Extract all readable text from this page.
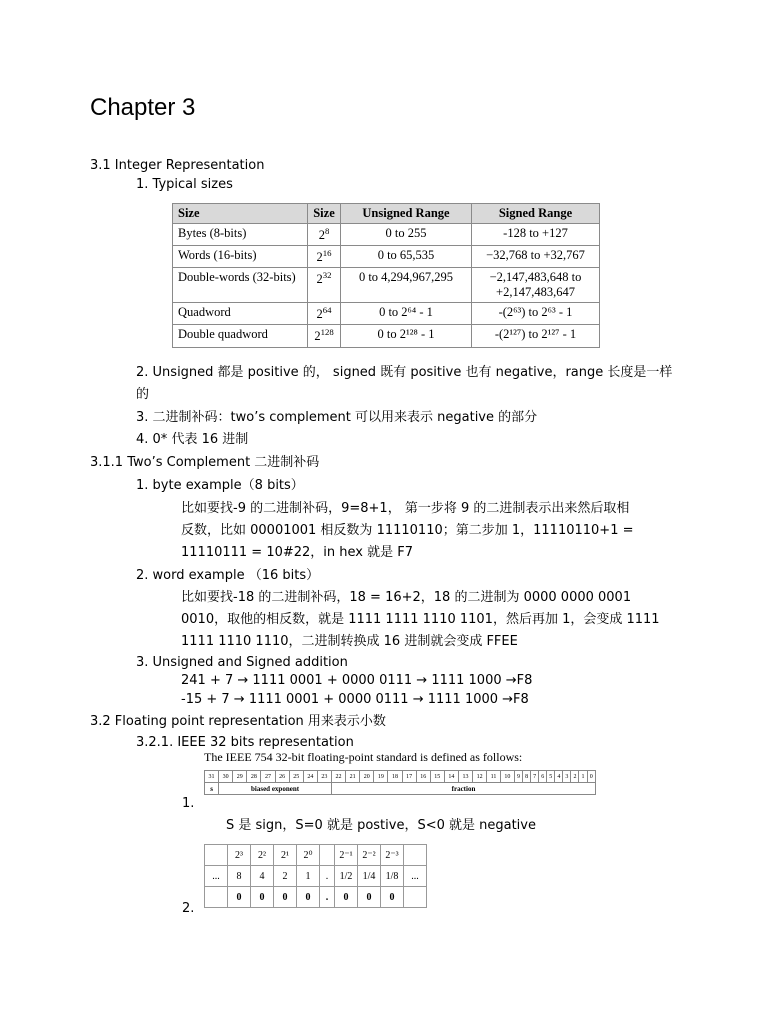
Chapter 3
3.1 Integer Representation
1. Typical sizes
Size	Size	Unsigned Range	Signed Range
Bytes (8-bits)	$2^8$	0 to 255	-128 to +127
Words (16-bits)	$2^{16}$	0 to 65,535	−32,768 to +32,767
Double-words (32-bits)	$2^{32}$	0 to 4,294,967,295	−2,147,483,648 to
+2,147,483,647

Quadword	$2^{64}$	0 to 2⁶⁴ - 1	-(2⁶³) to 2⁶³ - 1
Double quadword	$2^{128}$	0 to 2¹²⁸ - 1	-(2¹²⁷) to 2¹²⁷ - 1
2. Unsigned 都是 positive 的， signed 既有 positive 也有 negative，range 长度是一样
的
3. 二进制补码：two’s complement 可以用来表示 negative 的部分
4. 0* 代表 16 进制
3.1.1 Two’s Complement 二进制补码
1. byte example（8 bits）
比如要找-9 的二进制补码，9=8+1， 第一步将 9 的二进制表示出来然后取相
反数，比如 00001001 相反数为 11110110；第二步加 1，11110110+1 =
11110111 = 10#22，in hex 就是 F7
2. word example （16 bits）
比如要找-18 的二进制补码，18 = 16+2，18 的二进制为 0000 0000 0001
0010，取他的相反数，就是 1111 1111 1110 1101，然后再加 1，会变成 1111
1111 1110 1110，二进制转换成 16 进制就会变成 FFEE
3. Unsigned and Signed addition
241 + 7 → 1111 0001 + 0000 0111 → 1111 1000 →F8
-15 + 7 → 1111 0001 + 0000 0111 → 1111 1000 →F8
3.2 Floating point representation 用来表示小数
3.2.1. IEEE 32 bits representation
The IEEE 754 32-bit floating-point standard is defined as follows:
31	30	29	28	27	26	25	24	23	22	21	20	19	18	17	16	15	14	13	12	11	10	9	8	7	6	5	4	3	2	1	0
s	biased exponent								fraction																						
1.
S 是 sign，S=0 就是 postive，S<0 就是 negative
	2³	2²	2¹	2⁰		2⁻¹	2⁻²	2⁻³	
...	8	4	2	1	.	1/2	1/4	1/8	...
	0	0	0	0	.	0	0	0	
2.
